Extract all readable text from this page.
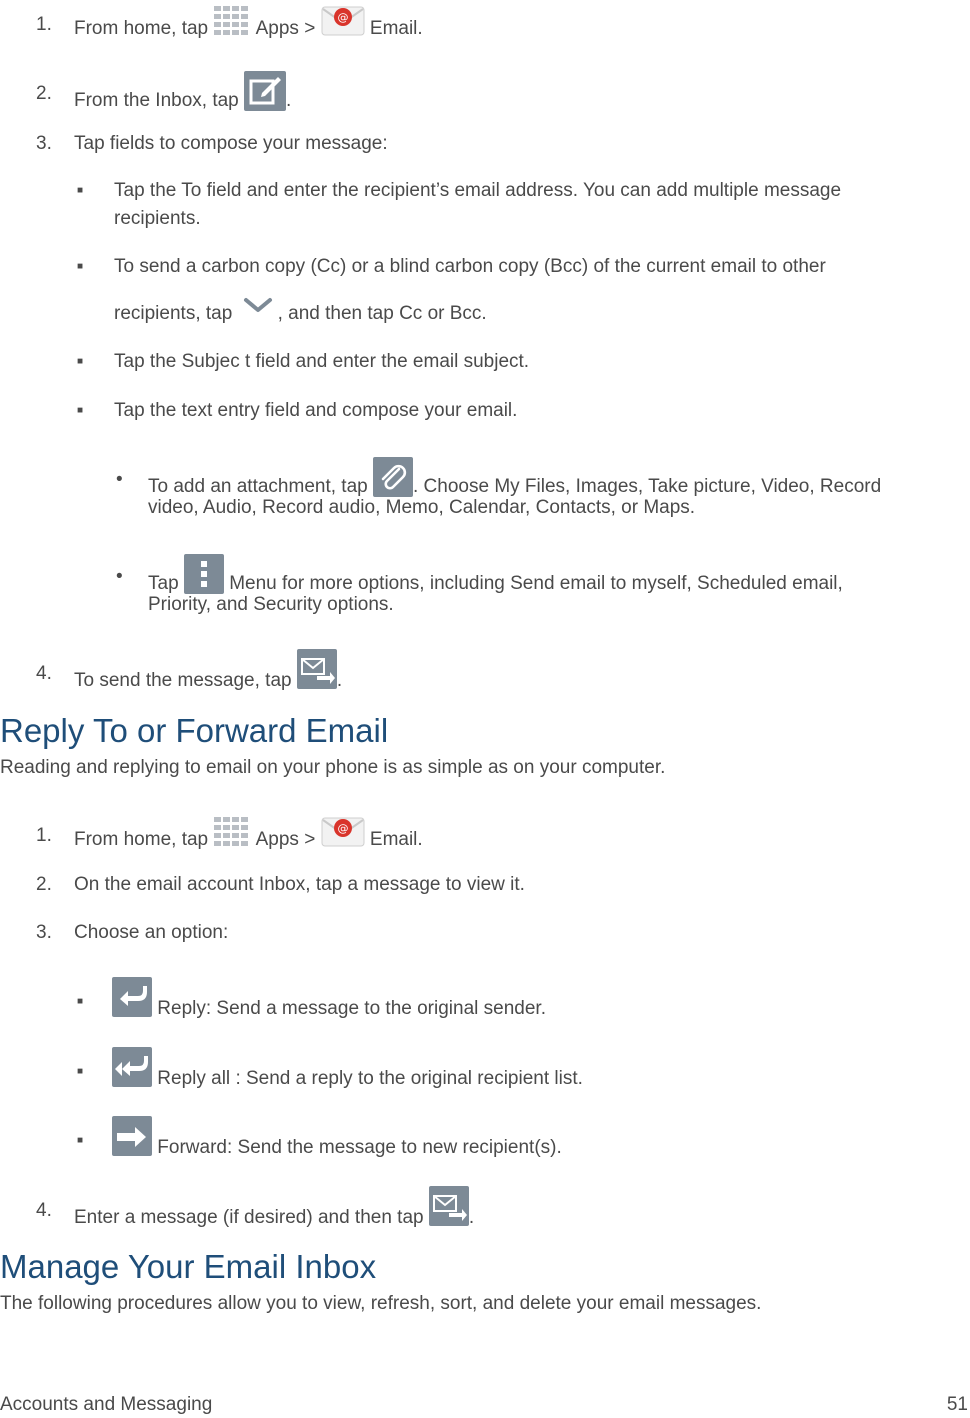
1. From home, tap	Apps >
@
Email.
2. From the Inbox, tap .
3. Tap fields to compose your message:
■ Tap the To field and enter the recipient’s email address. You can add multiple message
recipients.
■ To send a carbon copy (Cc) or a blind carbon copy (Bcc) of the current email to other
recipients, tap , and then tap Cc or Bcc.
■ Tap the Subjec t field and enter the email subject.
■ Tap the text entry field and compose your email.
• To add an attachment, tap . Choose My Files, Images, Take picture, Video, Record
video, Audio, Record audio, Memo, Calendar, Contacts, or Maps.
• Tap	Menu for more options, including Send email to myself, Scheduled email,
Priority, and Security options.
4. To send the message, tap .
Reply To or Forward Email
Reading and replying to email on your phone is as simple as on your computer.
1. From home, tap	Apps >
@
Email.
2. On the email account Inbox, tap a message to view it.
3. Choose an option:
■	Reply: Send a message to the original sender.
■	Reply all : Send a reply to the original recipient list.
■	Forward: Send the message to new recipient(s).
4. Enter a message (if desired) and then tap .
Manage Your Email Inbox
The following procedures allow you to view, refresh, sort, and delete your email messages.
Accounts and Messaging	51
